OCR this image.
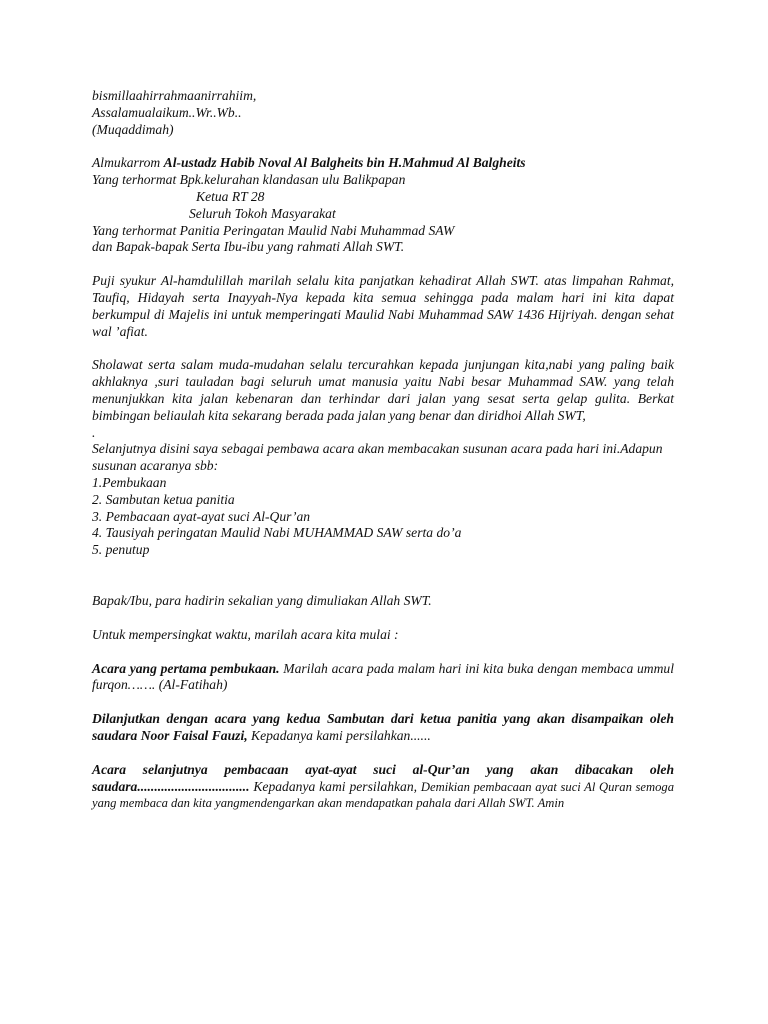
bismillaahirrahmaanirrahiim,
Assalamualaikum..Wr..Wb..
(Muqaddimah)
Almukarrom Al-ustadz Habib Noval Al Balgheits bin H.Mahmud Al Balgheits
Yang terhormat Bpk.kelurahan klandasan ulu Balikpapan
Ketua RT 28
Seluruh Tokoh Masyarakat
Yang terhormat Panitia Peringatan Maulid Nabi Muhammad SAW
dan Bapak-bapak Serta Ibu-ibu yang rahmati Allah SWT.
Puji syukur Al-hamdulillah marilah selalu kita panjatkan kehadirat Allah SWT. atas limpahan Rahmat, Taufiq, Hidayah serta Inayyah-Nya kepada kita semua sehingga pada malam hari ini kita dapat berkumpul di Majelis ini untuk memperingati Maulid Nabi Muhammad SAW 1436 Hijriyah. dengan sehat wal ’afiat.
Sholawat serta salam muda-mudahan selalu tercurahkan kepada junjungan kita,nabi yang paling baik akhlaknya ,suri tauladan bagi seluruh umat manusia yaitu Nabi besar Muhammad SAW. yang telah menunjukkan kita jalan kebenaran dan terhindar dari jalan yang sesat serta gelap gulita. Berkat bimbingan beliaulah kita sekarang berada pada jalan yang benar dan diridhoi Allah SWT,
.
Selanjutnya disini saya sebagai pembawa acara akan membacakan susunan acara pada hari ini.Adapun susunan acaranya sbb:
1.Pembukaan
2. Sambutan ketua panitia
3. Pembacaan ayat-ayat suci Al-Qur’an
4. Tausiyah peringatan Maulid Nabi MUHAMMAD SAW serta do’a
5. penutup
Bapak/Ibu, para hadirin sekalian yang dimuliakan Allah SWT.
Untuk mempersingkat waktu, marilah acara kita mulai :
Acara yang pertama pembukaan. Marilah acara pada malam hari ini kita buka dengan membaca ummul furqon……. (Al-Fatihah)
Dilanjutkan dengan acara yang kedua Sambutan dari ketua panitia yang akan disampaikan oleh saudara Noor Faisal Fauzi, Kepadanya kami persilahkan......
Acara selanjutnya pembacaan ayat-ayat suci al-Qur’an yang akan dibacakan oleh saudara................................. Kepadanya kami persilahkan, Demikian pembacaan ayat suci Al Quran semoga yang membaca dan kita yangmendengarkan akan mendapatkan pahala dari Allah SWT. Amin
